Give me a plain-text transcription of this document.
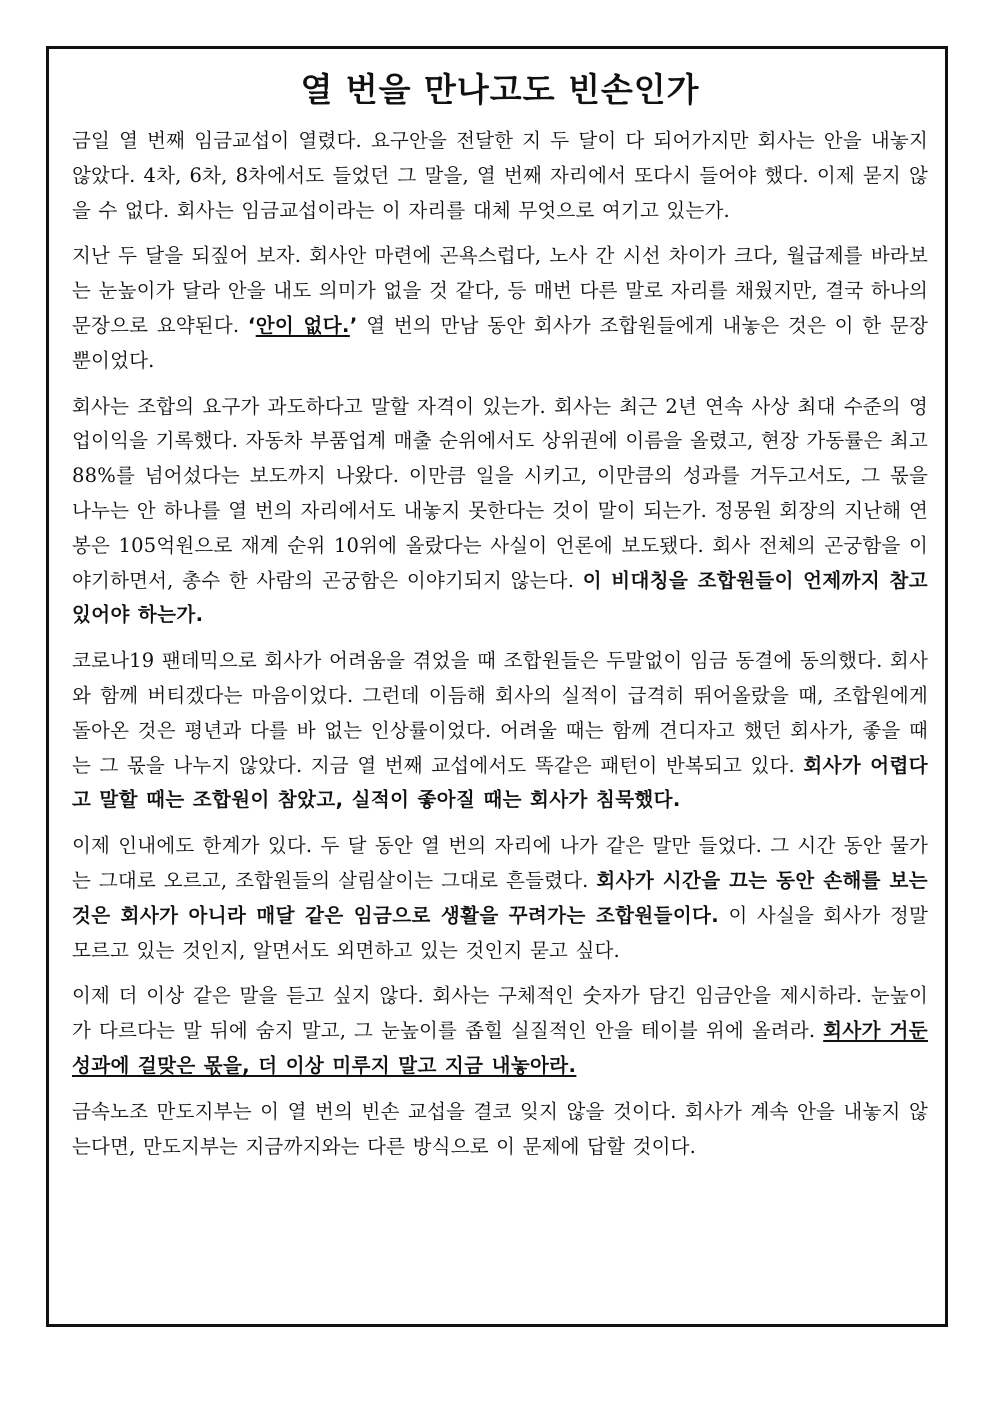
열 번을 만나고도 빈손인가

금일 열 번째 임금교섭이 열렸다. 요구안을 전달한 지 두 달이 다 되어가지만 회사는 안을 내놓지 않았다. 4차, 6차, 8차에서도 들었던 그 말을, 열 번째 자리에서 또다시 들어야 했다. 이제 묻지 않을 수 없다. 회사는 임금교섭이라는 이 자리를 대체 무엇으로 여기고 있는가.

지난 두 달을 되짚어 보자. 회사안 마련에 곤욕스럽다, 노사 간 시선 차이가 크다, 월급제를 바라보는 눈높이가 달라 안을 내도 의미가 없을 것 같다, 등 매번 다른 말로 자리를 채웠지만, 결국 하나의 문장으로 요약된다. ‘안이 없다.’ 열 번의 만남 동안 회사가 조합원들에게 내놓은 것은 이 한 문장뿐이었다.

회사는 조합의 요구가 과도하다고 말할 자격이 있는가. 회사는 최근 2년 연속 사상 최대 수준의 영업이익을 기록했다. 자동차 부품업계 매출 순위에서도 상위권에 이름을 올렸고, 현장 가동률은 최고 88%를 넘어섰다는 보도까지 나왔다. 이만큼 일을 시키고, 이만큼의 성과를 거두고서도, 그 몫을 나누는 안 하나를 열 번의 자리에서도 내놓지 못한다는 것이 말이 되는가. 정몽원 회장의 지난해 연봉은 105억원으로 재계 순위 10위에 올랐다는 사실이 언론에 보도됐다. 회사 전체의 곤궁함을 이야기하면서, 총수 한 사람의 곤궁함은 이야기되지 않는다. 이 비대칭을 조합원들이 언제까지 참고 있어야 하는가.

코로나19 팬데믹으로 회사가 어려움을 겪었을 때 조합원들은 두말없이 임금 동결에 동의했다. 회사와 함께 버티겠다는 마음이었다. 그런데 이듬해 회사의 실적이 급격히 뛰어올랐을 때, 조합원에게 돌아온 것은 평년과 다를 바 없는 인상률이었다. 어려울 때는 함께 견디자고 했던 회사가, 좋을 때는 그 몫을 나누지 않았다. 지금 열 번째 교섭에서도 똑같은 패턴이 반복되고 있다. 회사가 어렵다고 말할 때는 조합원이 참았고, 실적이 좋아질 때는 회사가 침묵했다.

이제 인내에도 한계가 있다. 두 달 동안 열 번의 자리에 나가 같은 말만 들었다. 그 시간 동안 물가는 그대로 오르고, 조합원들의 살림살이는 그대로 흔들렸다. 회사가 시간을 끄는 동안 손해를 보는 것은 회사가 아니라 매달 같은 임금으로 생활을 꾸려가는 조합원들이다. 이 사실을 회사가 정말 모르고 있는 것인지, 알면서도 외면하고 있는 것인지 묻고 싶다.

이제 더 이상 같은 말을 듣고 싶지 않다. 회사는 구체적인 숫자가 담긴 임금안을 제시하라. 눈높이가 다르다는 말 뒤에 숨지 말고, 그 눈높이를 좁힐 실질적인 안을 테이블 위에 올려라. 회사가 거둔 성과에 걸맞은 몫을, 더 이상 미루지 말고 지금 내놓아라.

금속노조 만도지부는 이 열 번의 빈손 교섭을 결코 잊지 않을 것이다. 회사가 계속 안을 내놓지 않는다면, 만도지부는 지금까지와는 다른 방식으로 이 문제에 답할 것이다.
